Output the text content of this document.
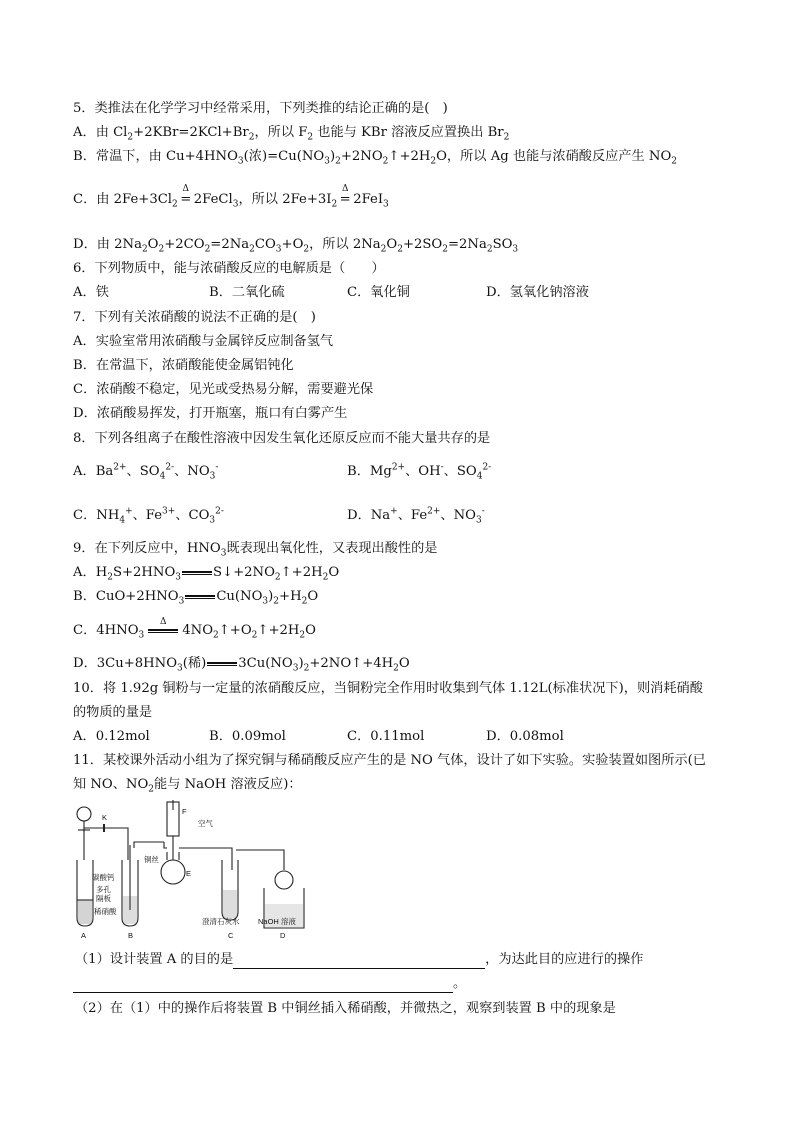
5．类推法在化学学习中经常采用，下列类推的结论正确的是(　)
A．由 $Cl_2+2KBr=2KCl+Br_2$，所以 $F_2$ 也能与 KBr 溶液反应置换出 $Br_2$
B．常温下，由 $Cu+4HNO_3$(浓)$=Cu(NO_3)_2+2NO_2↑+2H_2O$，所以 Ag 也能与浓硝酸反应产生 $NO_2$
C．由 $2Fe+3Cl_2$
Δ
= 2FeCl$_3$，所以 $2Fe+3I_2$
Δ
= 2FeI$_3$
D．由 $2Na_2O_2+2CO_2=2Na_2CO_3+O_2$，所以 $2Na_2O_2+2SO_2=2Na_2SO_3$
6．下列物质中，能与浓硝酸反应的电解质是（　　）
A．铁	B．二氧化硫	C．氧化铜	D．氢氧化钠溶液
7．下列有关浓硝酸的说法不正确的是(　)
A．实验室常用浓硝酸与金属锌反应制备氢气
B．在常温下，浓硝酸能使金属铝钝化
C．浓硝酸不稳定，见光或受热易分解，需要避光保
D．浓硝酸易挥发，打开瓶塞，瓶口有白雾产生
8．下列各组离子在酸性溶液中因发生氧化还原反应而不能大量共存的是
A．$Ba^{2+}$、$SO_4^{2-}$、$NO_3^-$	B．$Mg^{2+}$、OH-、$SO_4^{2-}$
C．$NH_4^+$、$Fe^{3+}$、$CO_3^{2-}$	D．Na+、$Fe^{2+}$、$NO_3^-$
9．在下列反应中，$HNO_3$既表现出氧化性，又表现出酸性的是
A．$H_2S+2HNO_3$ $S↓+2NO_2↑+2H_2O$
B．$CuO+2HNO_3$ $Cu(NO_3)_2+H_2O$
C．$4HNO_3$
Δ
$4NO_2↑+O_2↑+2H_2O$
D．$3Cu+8HNO_3$(稀) $3Cu(NO_3)_2+2NO↑+4H_2O$
10．将 1.92g 铜粉与一定量的浓硝酸反应，当铜粉完全作用时收集到气体 1.12L(标准状况下)，则消耗硝酸
的物质的量是
A．0.12mol	B．0.09mol	C．0.11mol	D．0.08mol
11．某校课外活动小组为了探究铜与稀硝酸反应产生的是 NO 气体，设计了如下实验。实验装置如图所示(已
知 NO、$NO_2$能与 NaOH 溶液反应)：
K
F
空气
碳酸钙
铜丝
多孔
隔板
稀硝酸
E
澄清石灰水 NaOH 溶液
A	B	C	D
（1）设计装置 A 的目的是	，为达此目的应进行的操作
。
（2）在（1）中的操作后将装置 B 中铜丝插入稀硝酸，并微热之，观察到装置 B 中的现象是
